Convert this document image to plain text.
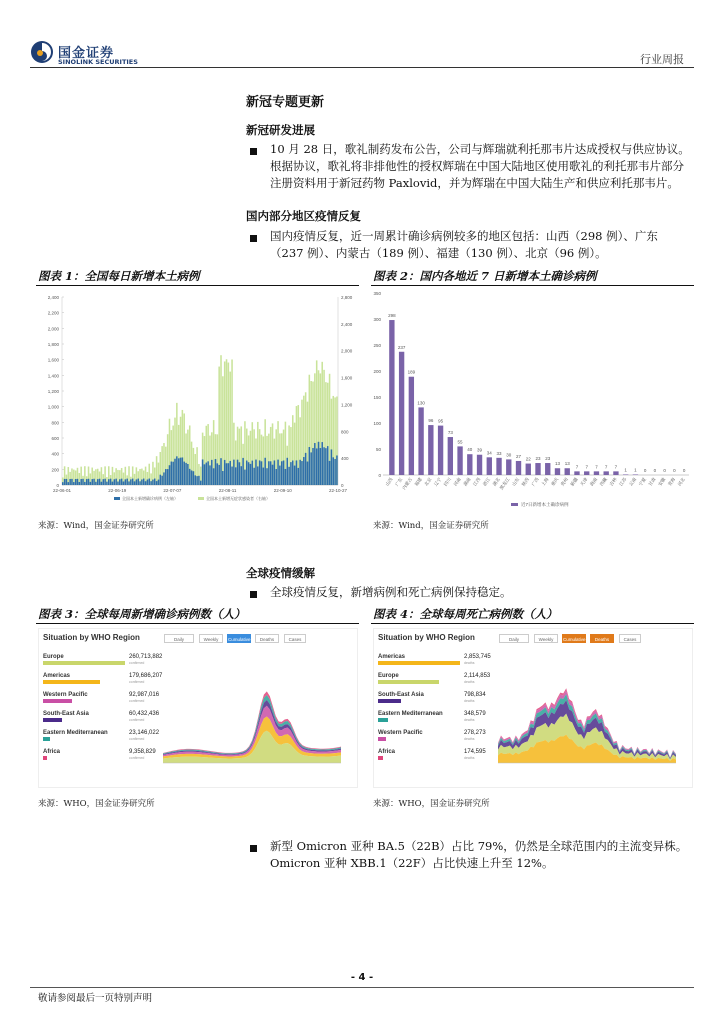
国金证券
SINOLINK SECURITIES	行业周报
新冠专题更新
新冠研发进展
10 月 28 日，歌礼制药发布公告，公司与辉瑞就利托那韦片达成授权与供应协议。根据协议，歌礼将非排他性的授权辉瑞在中国大陆地区使用歌礼的利托那韦片部分注册资料用于新冠药物 Paxlovid，并为辉瑞在中国大陆生产和供应利托那韦片。
国内部分地区疫情反复
国内疫情反复，近一周累计确诊病例较多的地区包括：山西（298 例）、广东（237 例）、内蒙古（189 例）、福建（130 例）、北京（96 例）。
图表 1：全国每日新增本土病例
0
200
400
600
800
1,000
1,200
1,400
1,600
1,800
2,000
2,200
2,400
0
400
800
1,200
1,600
2,000
2,400
2,800
22-06-01	22-06-19	22-07-07	22-08-11	22-09-10	22-10-27
全国本土新增确诊病例（左轴）	全国本土新增无症状感染者（右轴）
来源：Wind，国金证券研究所
图表 2：国内各地近 7 日新增本土确诊病例
0
50
100
150
200
250
300
350
298
山西
237
广东
189
内蒙古
130
福建
96
北京
95
辽宁
73
四川
55
河南
40
湖南
39
江西
34
浙江
33
湖北
30
黑龙江
27
山东
22
陕西
23
广西
23
上海
13
重庆
13
贵州
7
新疆
7
天津
7
海南
7
西藏
7
吉林
1
江苏
1
云南
0
宁夏
0
甘肃
0
安徽
0
青海
0
河北
近7日新增本土确诊病例
来源：Wind，国金证券研究所
全球疫情缓解
全球疫情反复，新增病例和死亡病例保持稳定。
图表 3：全球每周新增确诊病例数（人）
Situation by WHO Region
Europe	260,713,882
confirmed
Americas	179,686,207
confirmed
Western Pacific	92,987,016
confirmed
South-East Asia	60,432,436
confirmed
Eastern Mediterranean	23,146,022
confirmed
Africa	9,358,829
confirmed
Daily	Weekly	Cumulative	Deaths	Cases
来源：WHO，国金证券研究所
图表 4：全球每周死亡病例数（人）
Situation by WHO Region
Americas	2,853,745
deaths
Europe	2,114,853
deaths
South-East Asia	798,834
deaths
Eastern Mediterranean	348,579
deaths
Western Pacific	278,273
deaths
Africa	174,595
deaths
Daily	Weekly	Cumulative	Deaths	Cases
来源：WHO，国金证券研究所
新型 Omicron 亚种 BA.5（22B）占比 79%，仍然是全球范围内的主流变异株。Omicron 亚种 XBB.1（22F）占比快速上升至 12%。
- 4 -
敬请参阅最后一页特别声明
